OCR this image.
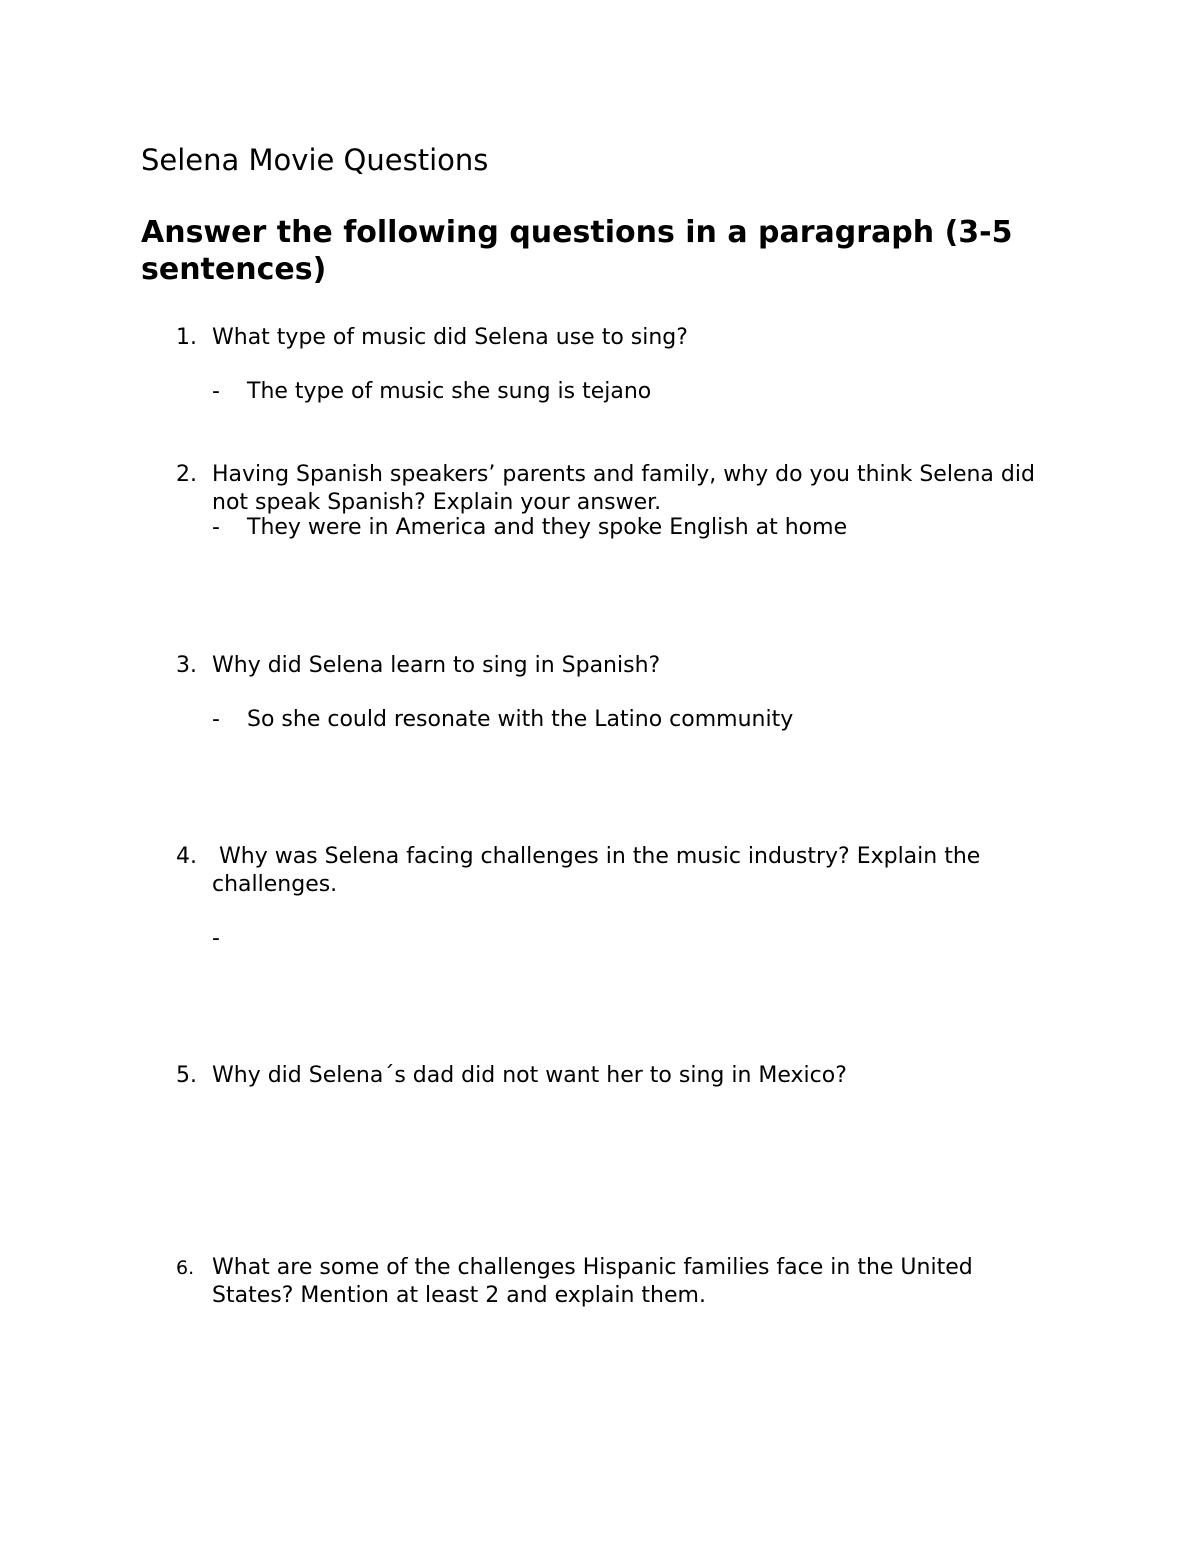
Selena Movie Questions
Answer the following questions in a paragraph (3-5 sentences)
1. What type of music did Selena use to sing?
- The type of music she sung is tejano
2. Having Spanish speakers’ parents and family, why do you think Selena did not speak Spanish? Explain your answer.
- They were in America and they spoke English at home
3. Why did Selena learn to sing in Spanish?
- So she could resonate with the Latino community
4. Why was Selena facing challenges in the music industry? Explain the challenges.
-
5. Why did Selena´s dad did not want her to sing in Mexico?
6. What are some of the challenges Hispanic families face in the United States? Mention at least 2 and explain them.
